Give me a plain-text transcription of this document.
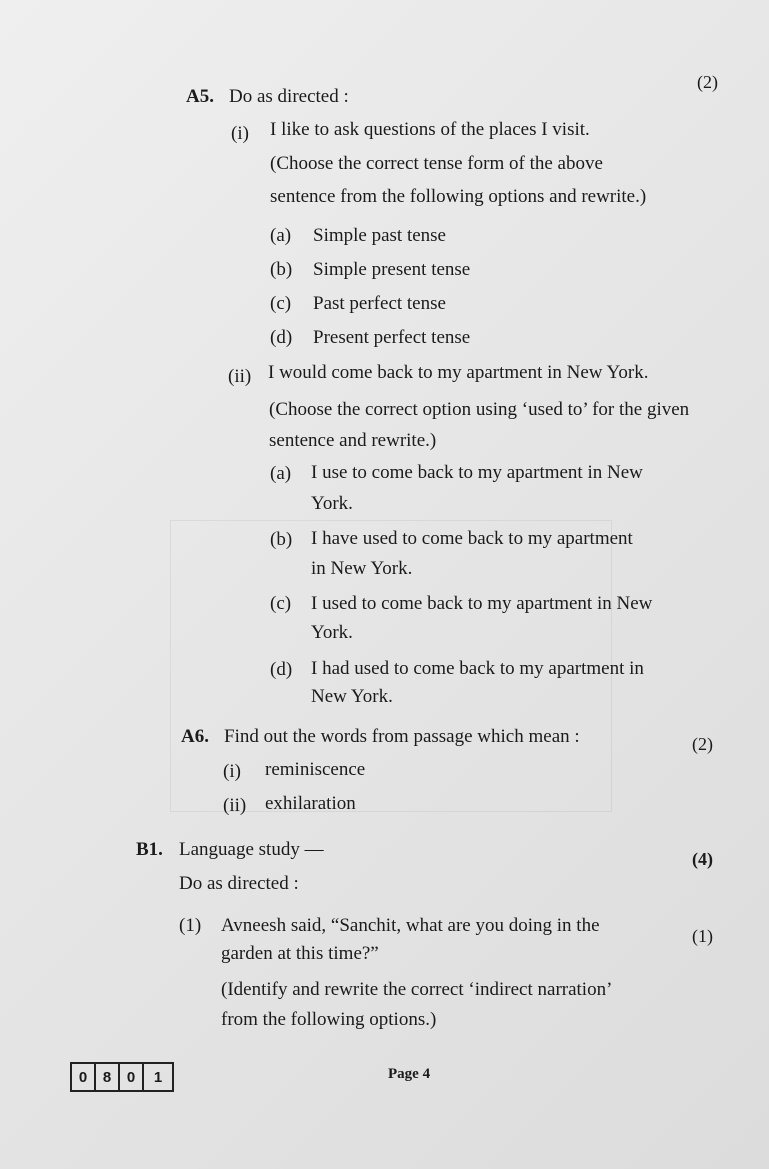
A5. Do as directed :
(2)
(i) I like to ask questions of the places I visit.
(Choose the correct tense form of the above
sentence from the following options and rewrite.)
(a) Simple past tense
(b) Simple present tense
(c) Past perfect tense
(d) Present perfect tense
(ii) I would come back to my apartment in New York.
(Choose the correct option using ‘used to’ for the given
sentence and rewrite.)
(a) I use to come back to my apartment in New
York.
(b) I have used to come back to my apartment
in New York.
(c) I used to come back to my apartment in New
York.
(d) I had used to come back to my apartment in
New York.
A6. Find out the words from passage which mean :	(2)
(i) reminiscence
(ii) exhilaration
B1. Language study —	(4)
Do as directed :
(1) Avneesh said, “Sanchit, what are you doing in the
garden at this time?”
(1)
(Identify and rewrite the correct ‘indirect narration’
from the following options.)
0	8	0	1	Page 4
